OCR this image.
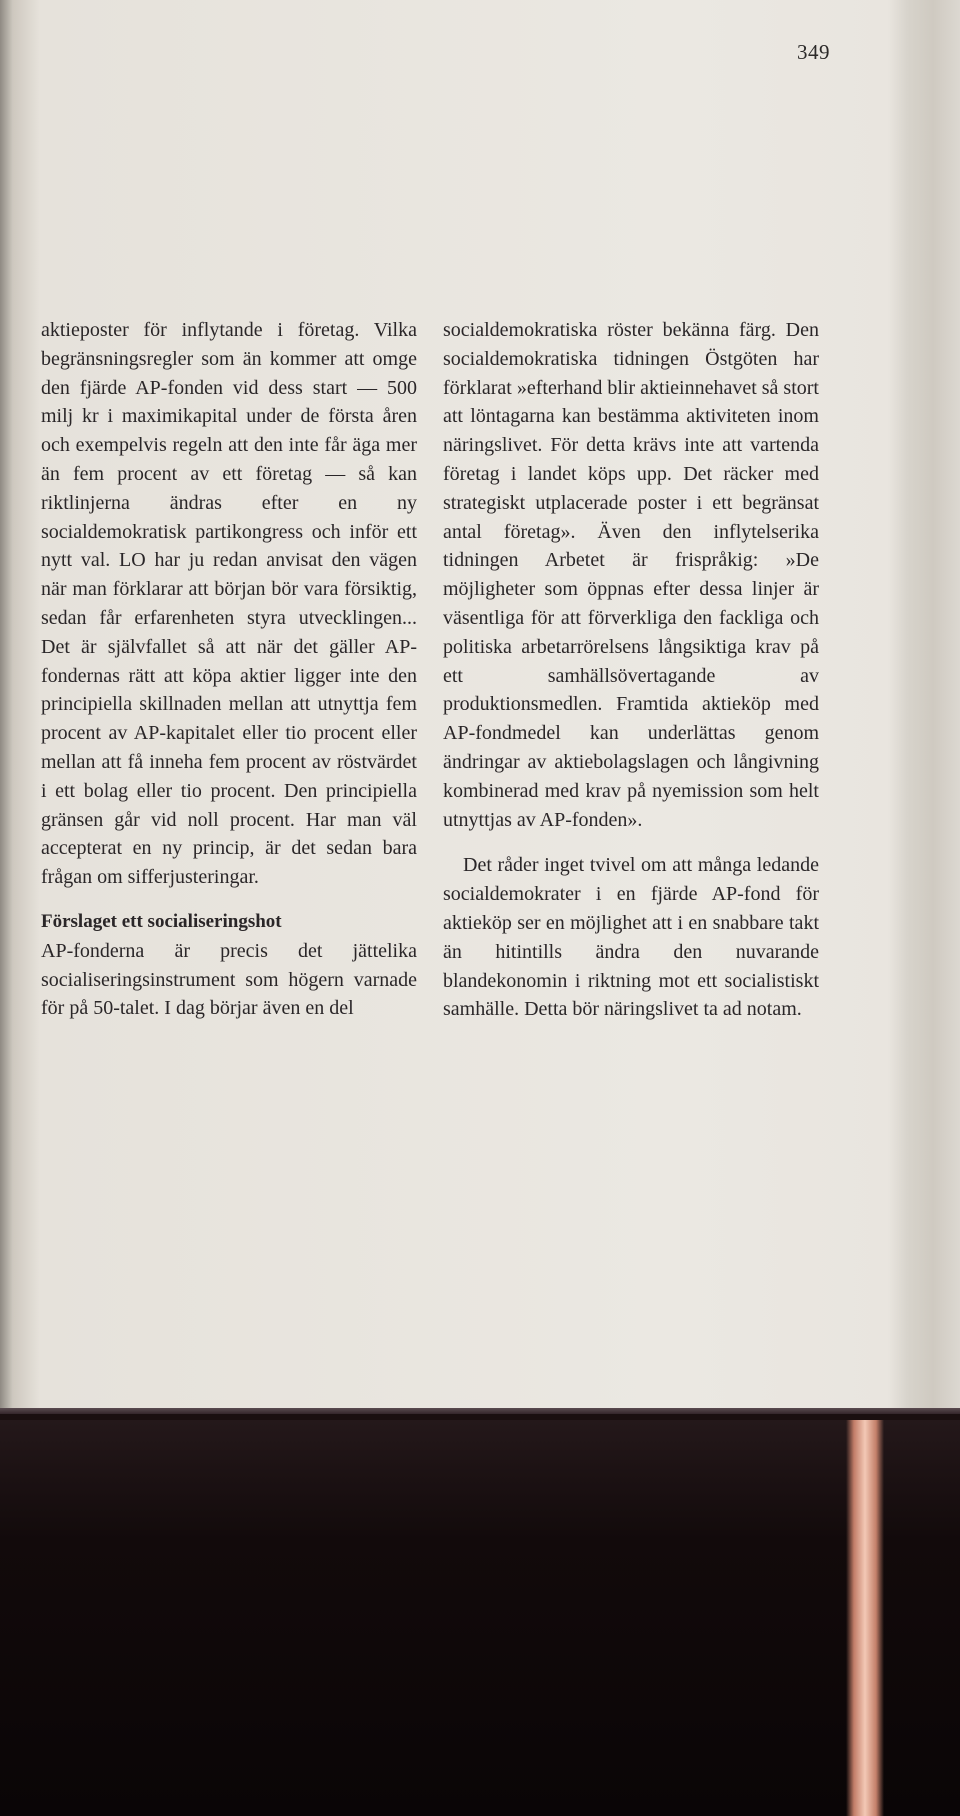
349

aktieposter för inflytande i företag. Vilka begränsningsregler som än kommer att omge den fjärde AP-fonden vid dess start — 500 milj kr i maximikapital under de första åren och exempelvis regeln att den inte får äga mer än fem procent av ett företag — så kan riktlinjerna ändras efter en ny socialdemokratisk partikongress och inför ett nytt val. LO har ju redan anvisat den vägen när man förklarar att början bör vara försiktig, sedan får erfarenheten styra utvecklingen... Det är självfallet så att när det gäller AP-fondernas rätt att köpa aktier ligger inte den principiella skillnaden mellan att utnyttja fem procent av AP-kapitalet eller tio procent eller mellan att få inneha fem procent av röstvärdet i ett bolag eller tio procent. Den principiella gränsen går vid noll procent. Har man väl accepterat en ny princip, är det sedan bara frågan om sifferjusteringar.

Förslaget ett socialiseringshot

AP-fonderna är precis det jättelika socialiseringsinstrument som högern varnade för på 50-talet. I dag börjar även en del

socialdemokratiska röster bekänna färg. Den socialdemokratiska tidningen Östgöten har förklarat »efterhand blir aktieinnehavet så stort att löntagarna kan bestämma aktiviteten inom näringslivet. För detta krävs inte att vartenda företag i landet köps upp. Det räcker med strategiskt utplacerade poster i ett begränsat antal företag». Även den inflytelserika tidningen Arbetet är frispråkig: »De möjligheter som öppnas efter dessa linjer är väsentliga för att förverkliga den fackliga och politiska arbetarrörelsens långsiktiga krav på ett samhällsövertagande av produktionsmedlen. Framtida aktieköp med AP-fondmedel kan underlättas genom ändringar av aktiebolagslagen och långivning kombinerad med krav på nyemission som helt utnyttjas av AP-fonden».

Det råder inget tvivel om att många ledande socialdemokrater i en fjärde AP-fond för aktieköp ser en möjlighet att i en snabbare takt än hitintills ändra den nuvarande blandekonomin i riktning mot ett socialistiskt samhälle. Detta bör näringslivet ta ad notam.
